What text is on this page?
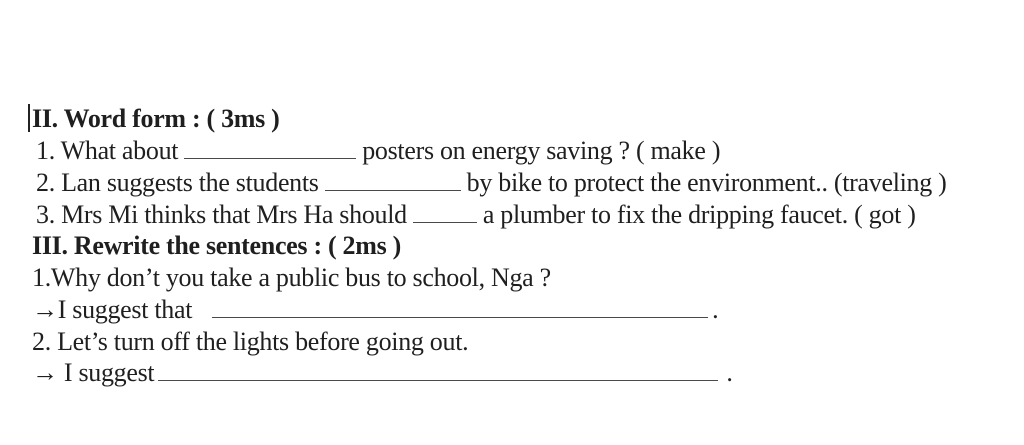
II. Word form : ( 3ms )
1. What about	posters on energy saving ? ( make )
2. Lan suggests the students	by bike to protect the environment.. (traveling )
3. Mrs Mi thinks that Mrs Ha should	a plumber to fix the dripping faucet. ( got )
III. Rewrite the sentences : ( 2ms )
1.Why don’t you take a public bus to school, Nga ?
→I suggest that	.
2. Let’s turn off the lights before going out.
→ I suggest	.
